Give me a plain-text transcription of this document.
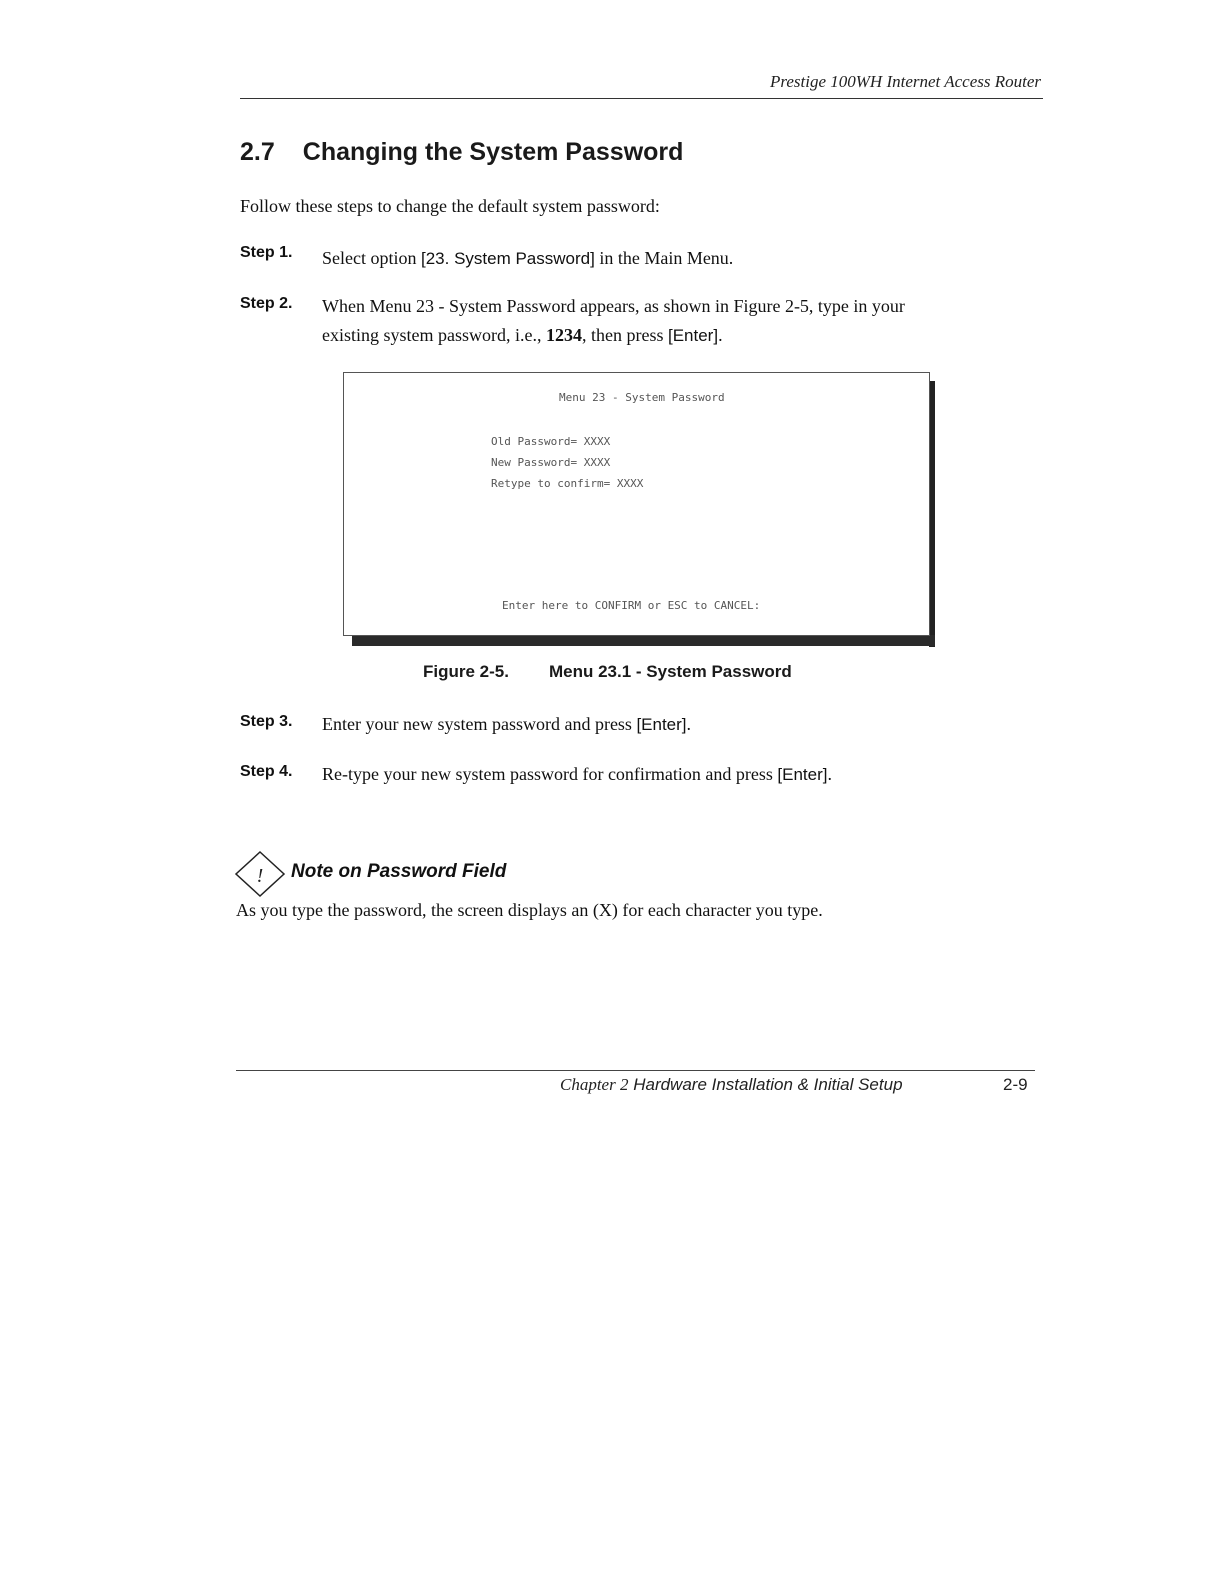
Prestige 100WH Internet Access Router
2.7 Changing the System Password
Follow these steps to change the default system password:
Step 1. Select option [23. System Password] in the Main Menu.
Step 2. When Menu 23 - System Password appears, as shown in Figure 2-5, type in your
existing system password, i.e., 1234, then press [Enter].
Menu 23 - System Password
Old Password= XXXX
New Password= XXXX
Retype to confirm= XXXX
Enter here to CONFIRM or ESC to CANCEL:
Figure 2-5. Menu 23.1 - System Password
Step 3. Enter your new system password and press [Enter].
Step 4. Re-type your new system password for confirmation and press [Enter].
! Note on Password Field
As you type the password, the screen displays an (X) for each character you type.
Chapter 2 Hardware Installation & Initial Setup	2-9
